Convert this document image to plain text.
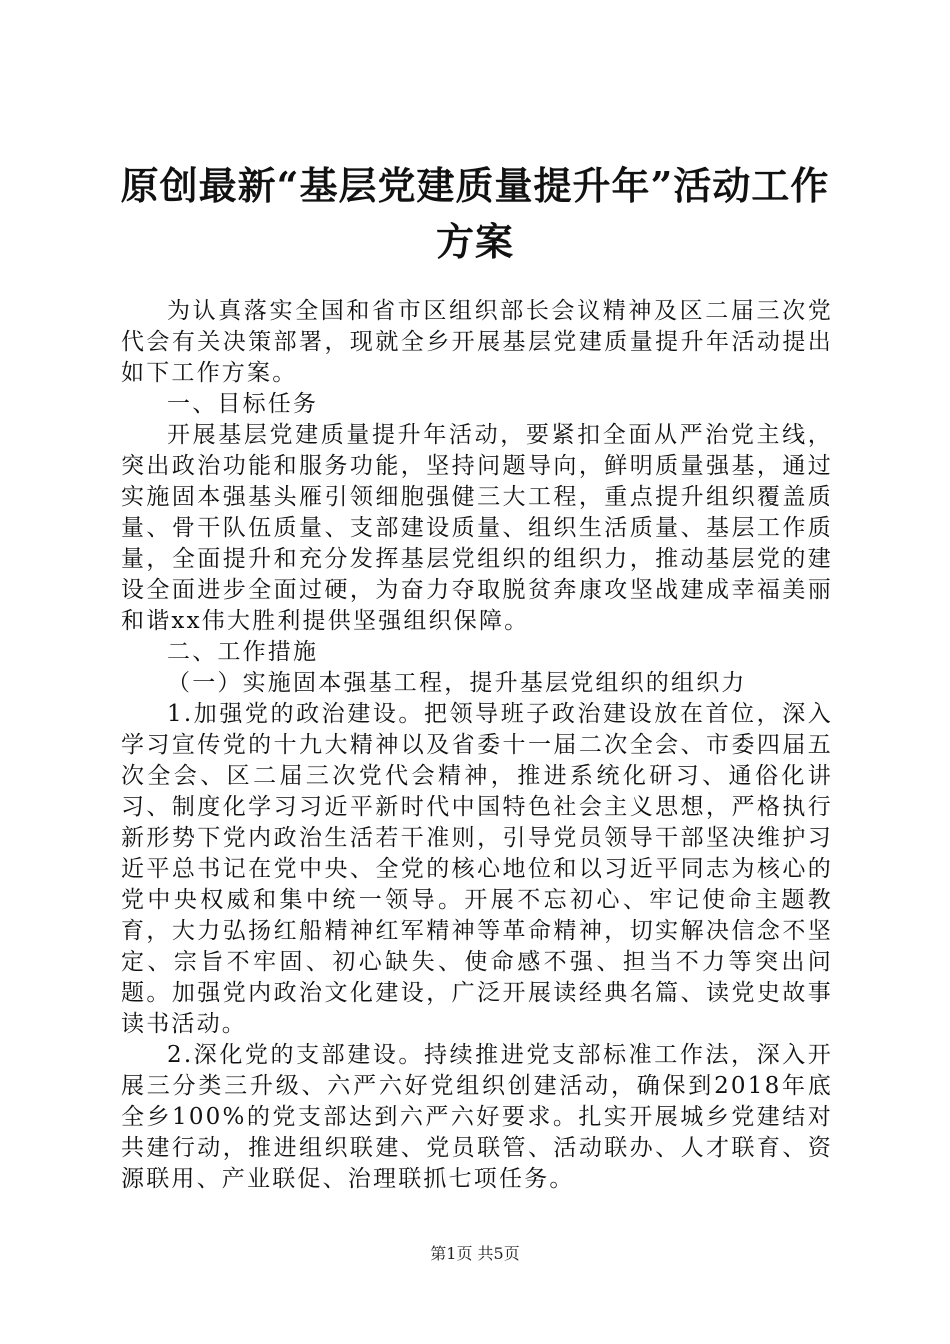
原创最新“基层党建质量提升年”活动工作方案

为认真落实全国和省市区组织部长会议精神及区二届三次党代会有关决策部署，现就全乡开展基层党建质量提升年活动提出如下工作方案。

一、目标任务

开展基层党建质量提升年活动，要紧扣全面从严治党主线，突出政治功能和服务功能，坚持问题导向，鲜明质量强基，通过实施固本强基头雁引领细胞强健三大工程，重点提升组织覆盖质量、骨干队伍质量、支部建设质量、组织生活质量、基层工作质量，全面提升和充分发挥基层党组织的组织力，推动基层党的建设全面进步全面过硬，为奋力夺取脱贫奔康攻坚战建成幸福美丽和谐xx伟大胜利提供坚强组织保障。

二、工作措施

（一）实施固本强基工程，提升基层党组织的组织力

1.加强党的政治建设。把领导班子政治建设放在首位，深入学习宣传党的十九大精神以及省委十一届二次全会、市委四届五次全会、区二届三次党代会精神，推进系统化研习、通俗化讲习、制度化学习习近平新时代中国特色社会主义思想，严格执行新形势下党内政治生活若干准则，引导党员领导干部坚决维护习近平总书记在党中央、全党的核心地位和以习近平同志为核心的党中央权威和集中统一领导。开展不忘初心、牢记使命主题教育，大力弘扬红船精神红军精神等革命精神，切实解决信念不坚定、宗旨不牢固、初心缺失、使命感不强、担当不力等突出问题。加强党内政治文化建设，广泛开展读经典名篇、读党史故事读书活动。

2.深化党的支部建设。持续推进党支部标准工作法，深入开展三分类三升级、六严六好党组织创建活动，确保到2018年底全乡100%的党支部达到六严六好要求。扎实开展城乡党建结对共建行动，推进组织联建、党员联管、活动联办、人才联育、资源联用、产业联促、治理联抓七项任务。

第1页 共5页
